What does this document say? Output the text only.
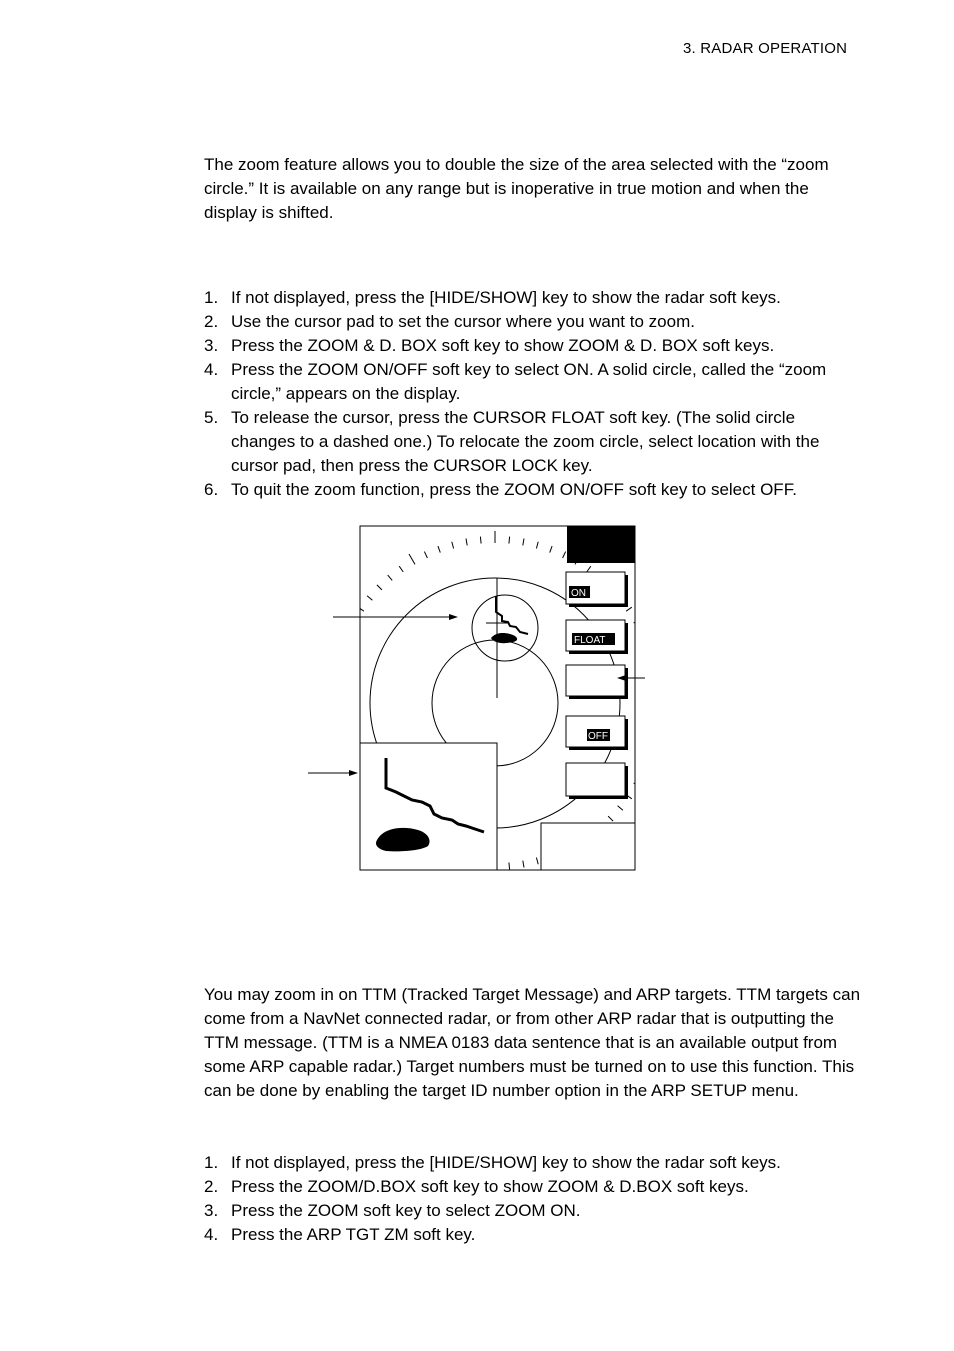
3. RADAR OPERATION

The zoom feature allows you to double the size of the area selected with the “zoom circle.” It is available on any range but is inoperative in true motion and when the display is shifted.

1. If not displayed, press the [HIDE/SHOW] key to show the radar soft keys.
2. Use the cursor pad to set the cursor where you want to zoom.
3. Press the ZOOM & D. BOX soft key to show ZOOM & D. BOX soft keys.
4. Press the ZOOM ON/OFF soft key to select ON. A solid circle, called the “zoom circle,” appears on the display.
5. To release the cursor, press the CURSOR FLOAT soft key. (The solid circle changes to a dashed one.) To relocate the zoom circle, select location with the cursor pad, then press the CURSOR LOCK key.
6. To quit the zoom function, press the ZOOM ON/OFF soft key to select OFF.
ON
FLOAT
OFF

You may zoom in on TTM (Tracked Target Message) and ARP targets. TTM targets can come from a NavNet connected radar, or from other ARP radar that is outputting the TTM message. (TTM is a NMEA 0183 data sentence that is an available output from some ARP capable radar.) Target numbers must be turned on to use this function. This can be done by enabling the target ID number option in the ARP SETUP menu.

1. If not displayed, press the [HIDE/SHOW] key to show the radar soft keys.
2. Press the ZOOM/D.BOX soft key to show ZOOM & D.BOX soft keys.
3. Press the ZOOM soft key to select ZOOM ON.
4. Press the ARP TGT ZM soft key.
